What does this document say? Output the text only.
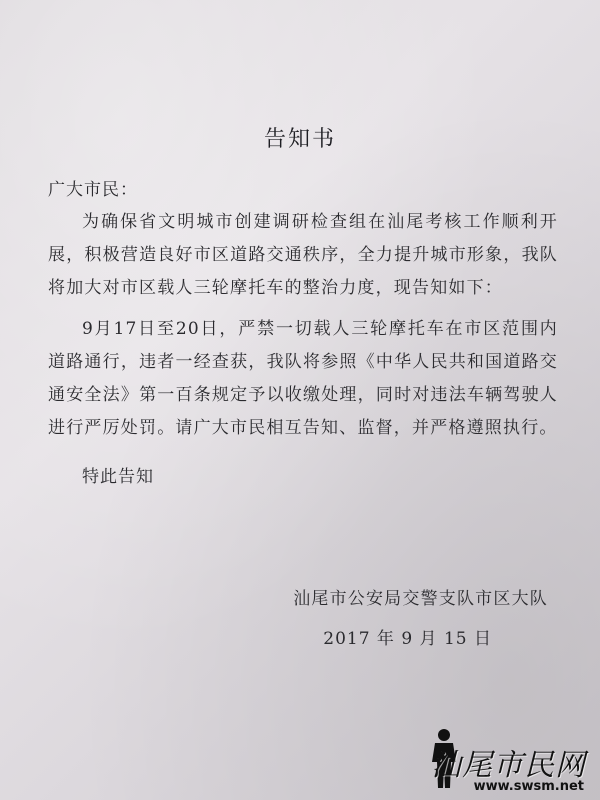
告知书
广大市民：
为确保省文明城市创建调研检查组在汕尾考核工作顺利开展，积极营造良好市区道路交通秩序，全力提升城市形象，我队将加大对市区载人三轮摩托车的整治力度，现告知如下：
9月17日至20日，严禁一切载人三轮摩托车在市区范围内道路通行，违者一经查获，我队将参照《中华人民共和国道路交通安全法》第一百条规定予以收缴处理，同时对违法车辆驾驶人进行严厉处罚。请广大市民相互告知、监督，并严格遵照执行。
特此告知
汕尾市公安局交警支队市区大队
2017 年 9 月 15 日
汕尾市民网
www.swsm.net
